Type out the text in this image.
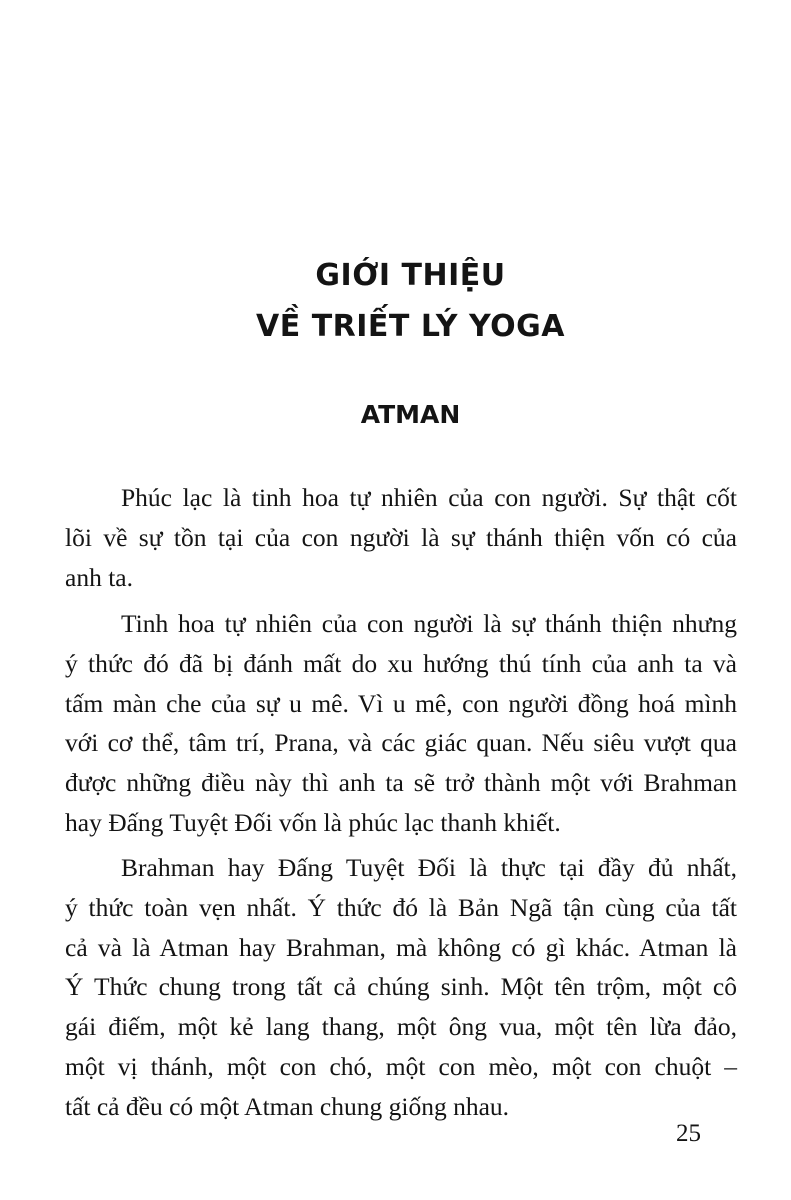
GIỚI THIỆU
VỀ TRIẾT LÝ YOGA
ATMAN
Phúc lạc là tinh hoa tự nhiên của con người. Sự thật cốt
lõi về sự tồn tại của con người là sự thánh thiện vốn có của
anh ta.
Tinh hoa tự nhiên của con người là sự thánh thiện nhưng
ý thức đó đã bị đánh mất do xu hướng thú tính của anh ta và
tấm màn che của sự u mê. Vì u mê, con người đồng hoá mình
với cơ thể, tâm trí, Prana, và các giác quan. Nếu siêu vượt qua
được những điều này thì anh ta sẽ trở thành một với Brahman
hay Đấng Tuyệt Đối vốn là phúc lạc thanh khiết.
Brahman hay Đấng Tuyệt Đối là thực tại đầy đủ nhất,
ý thức toàn vẹn nhất. Ý thức đó là Bản Ngã tận cùng của tất
cả và là Atman hay Brahman, mà không có gì khác. Atman là
Ý Thức chung trong tất cả chúng sinh. Một tên trộm, một cô
gái điếm, một kẻ lang thang, một ông vua, một tên lừa đảo,
một vị thánh, một con chó, một con mèo, một con chuột –
tất cả đều có một Atman chung giống nhau.
25
